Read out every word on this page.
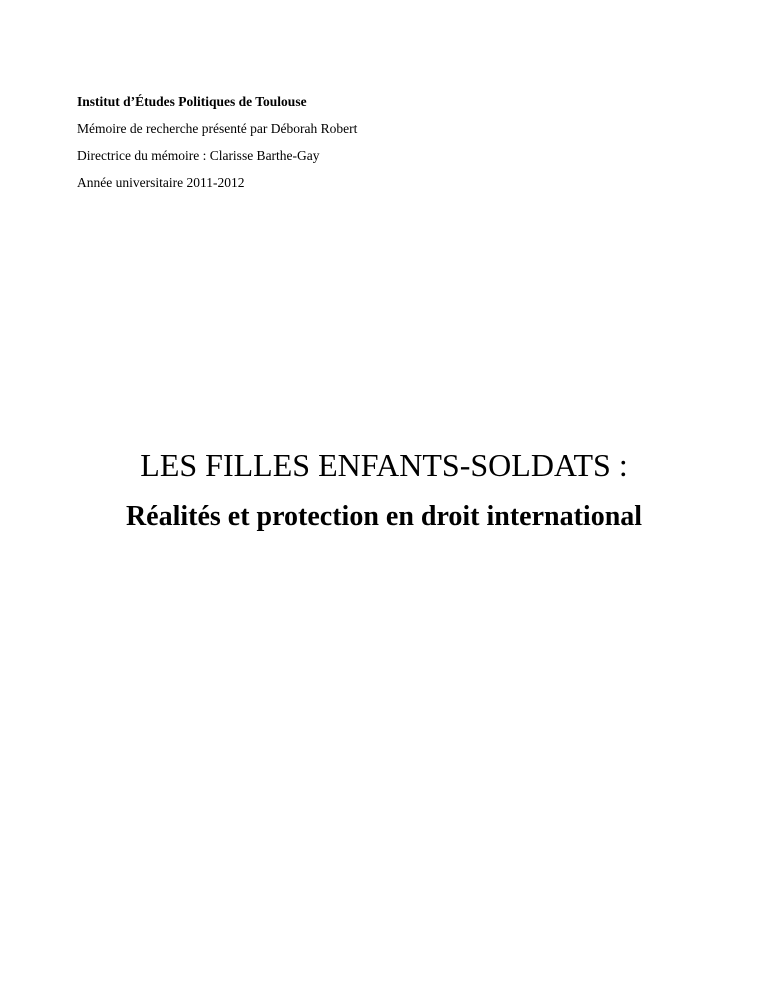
Institut d’Études Politiques de Toulouse
Mémoire de recherche présenté par Déborah Robert
Directrice du mémoire : Clarisse Barthe-Gay
Année universitaire 2011-2012
LES FILLES ENFANTS-SOLDATS :
Réalités et protection en droit international
